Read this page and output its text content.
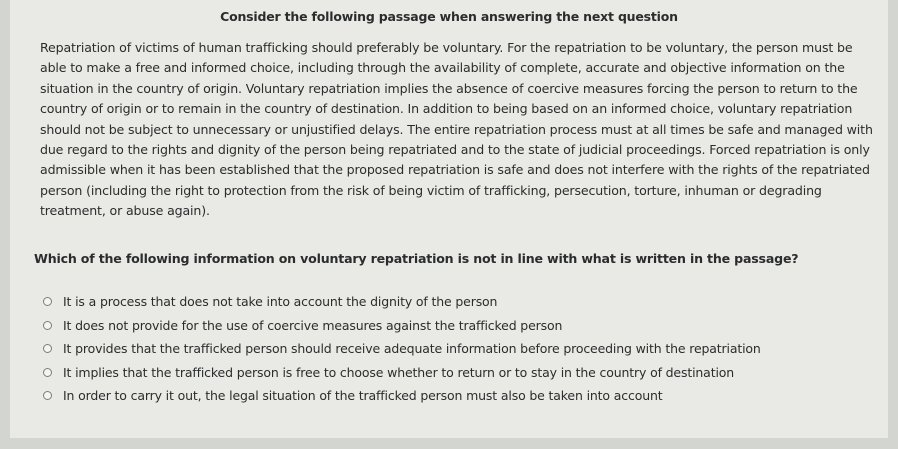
Consider the following passage when answering the next question

Repatriation of victims of human trafficking should preferably be voluntary. For the repatriation to be voluntary, the person must be able to make a free and informed choice, including through the availability of complete, accurate and objective information on the situation in the country of origin. Voluntary repatriation implies the absence of coercive measures forcing the person to return to the country of origin or to remain in the country of destination. In addition to being based on an informed choice, voluntary repatriation should not be subject to unnecessary or unjustified delays. The entire repatriation process must at all times be safe and managed with due regard to the rights and dignity of the person being repatriated and to the state of judicial proceedings. Forced repatriation is only admissible when it has been established that the proposed repatriation is safe and does not interfere with the rights of the repatriated person (including the right to protection from the risk of being victim of trafficking, persecution, torture, inhuman or degrading treatment, or abuse again).

Which of the following information on voluntary repatriation is not in line with what is written in the passage?
It is a process that does not take into account the dignity of the person
It does not provide for the use of coercive measures against the trafficked person
It provides that the trafficked person should receive adequate information before proceeding with the repatriation
It implies that the trafficked person is free to choose whether to return or to stay in the country of destination
In order to carry it out, the legal situation of the trafficked person must also be taken into account
